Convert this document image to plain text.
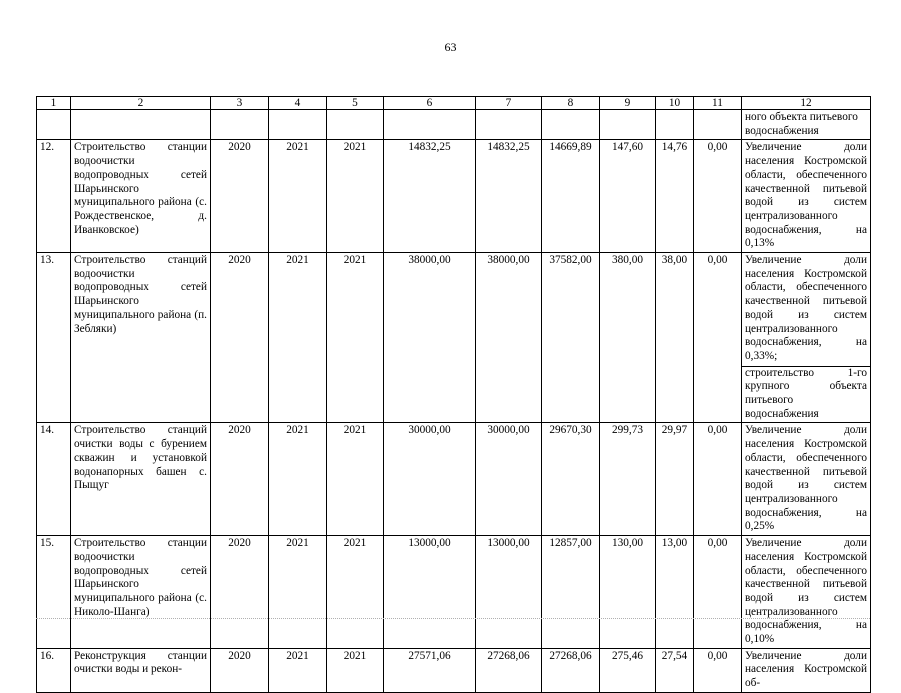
63
1	2	3	4	5	6	7	8	9	10	11	12

											ного объекта питьевого
водоснабжения

12.	Строительство станции водоочистки водопроводных сетей Шарьинского муниципального района (с. Рождественское, д. Иванковское)	2020	2021	2021	14832,25	14832,25	14669,89	147,60	14,76	0,00	Увеличение доли населения Костромской области, обеспеченного качественной питьевой водой из систем централизованного водоснабжения, на 0,13%

13.	Строительство станций водоочистки водопроводных сетей Шарьинского муниципального района (п. Зебляки)	2020	2021	2021	38000,00	38000,00	37582,00	380,00	38,00	0,00	Увеличение доли населения Костромской области, обеспеченного качественной питьевой водой из систем централизованного водоснабжения, на 0,33%;
строительство 1-го крупного объекта питьевого водоснабжения

14.	Строительство станций очистки воды с бурением скважин и установкой водонапорных башен с. Пыщуг	2020	2021	2021	30000,00	30000,00	29670,30	299,73	29,97	0,00	Увеличение доли населения Костромской области, обеспеченного качественной питьевой водой из систем централизованного водоснабжения, на 0,25%

15.	Строительство станции водоочистки водопроводных сетей Шарьинского муниципального района (с. Николо-Шанга)	2020	2021	2021	13000,00	13000,00	12857,00	130,00	13,00	0,00	Увеличение доли населения Костромской области, обеспеченного качественной питьевой водой из систем централизованного водоснабжения, на 0,10%

16.	Реконструкция станции очистки воды и рекон-	2020	2021	2021	27571,06	27268,06	27268,06	275,46	27,54	0,00	Увеличение доли населения Костромской об-
